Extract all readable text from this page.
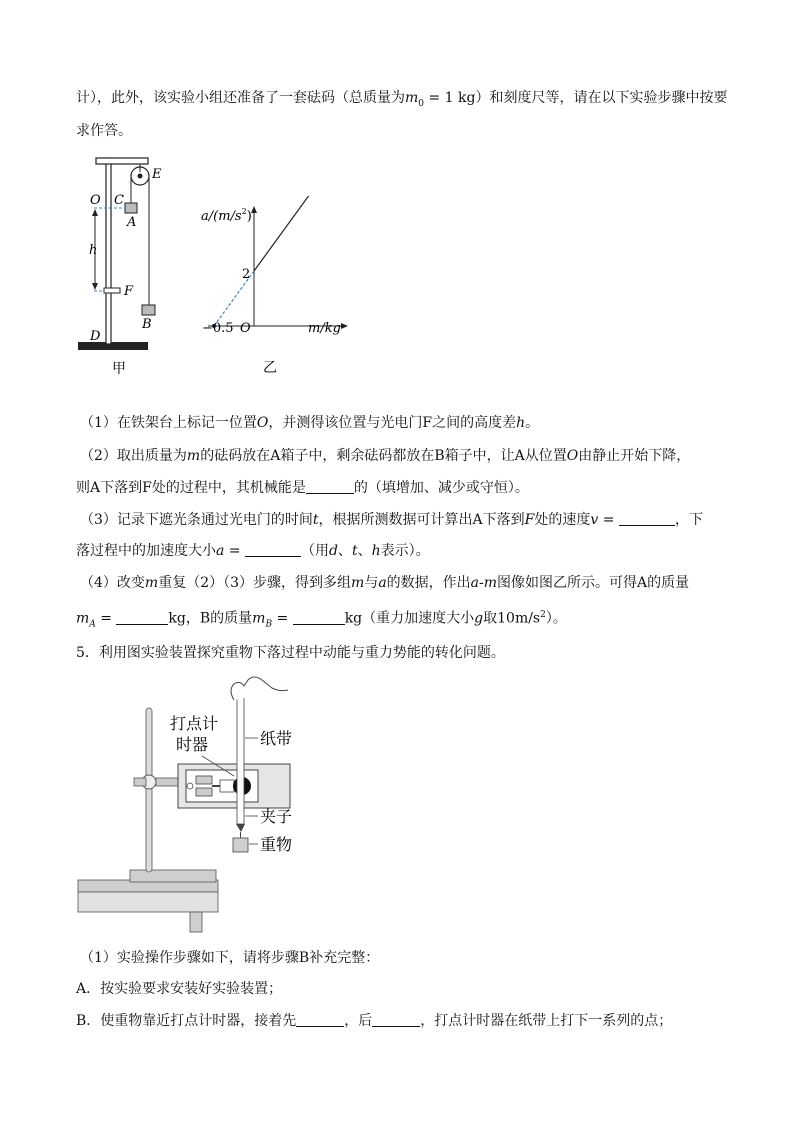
计），此外，该实验小组还准备了一套砝码（总质量为$m_0 = 1$ kg）和刻度尺等，请在以下实验步骤中按要
求作答。
E
O C
A
h
F
B
D
甲
$a/(m/s^2)$
2
−0.5 O	m/kg
乙
（1）在铁架台上标记一位置O，并测得该位置与光电门F之间的高度差h。
（2）取出质量为m的砝码放在A箱子中，剩余砝码都放在B箱子中，让A从位置O由静止开始下降，
则A下落到F处的过程中，其机械能是	的（填增加、减少或守恒）。
（3）记录下遮光条通过光电门的时间t，根据所测数据可计算出A下落到F处的速度v =	，下
落过程中的加速度大小a =	（用d、t、h表示）。
（4）改变m重复（2）（3）步骤，得到多组m与a的数据，作出a-m图像如图乙所示。可得A的质量
$m_A$ =	kg，B的质量$m_B$ =	kg（重力加速度大小g取$10m/s^2$）。
5．利用图实验装置探究重物下落过程中动能与重力势能的转化问题。
打点计
时器	纸带
夹子
重物
（1）实验操作步骤如下，请将步骤B补充完整：
A．按实验要求安装好实验装置；
B．使重物靠近打点计时器，接着先	，后	，打点计时器在纸带上打下一系列的点；
